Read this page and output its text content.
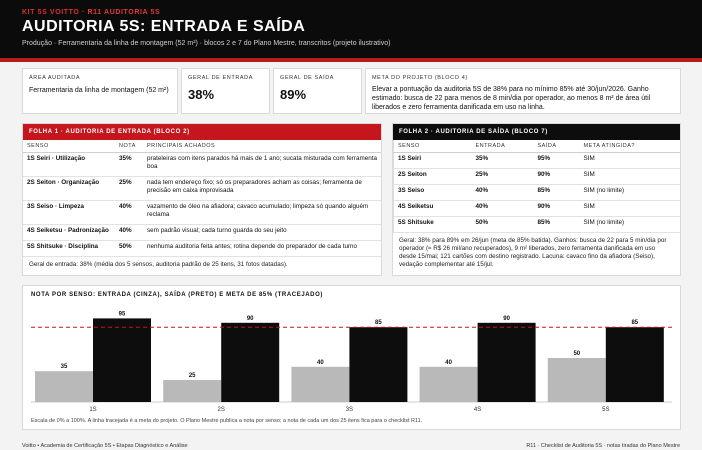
KIT 5S VOITTO · R11 AUDITORIA 5S
AUDITORIA 5S: ENTRADA E SAÍDA
Produção · Ferramentaria da linha de montagem (52 m²) · blocos 2 e 7 do Plano Mestre, transcritos (projeto ilustrativo)
ÁREA AUDITADA
Ferramentaria da linha de montagem (52 m²)
GERAL DE ENTRADA
38%
GERAL DE SAÍDA
89%
META DO PROJETO (BLOCO 4)
Elevar a pontuação da auditoria 5S de 38% para no mínimo 85% até 30/jun/2026. Ganho estimado: busca de 22 para menos de 8 min/dia por operador, ao menos 8 m² de área útil liberados e zero ferramenta danificada em uso na linha.
FOLHA 1 · AUDITORIA DE ENTRADA (BLOCO 2)
SENSO	NOTA	PRINCIPAIS ACHADOS
1S Seiri · Utilização	35%	prateleiras com itens parados há mais de 1 ano; sucata misturada com ferramenta boa
2S Seiton · Organização	25%	nada tem endereço fixo; só os preparadores acham as coisas; ferramenta de precisão em caixa improvisada
3S Seiso · Limpeza	40%	vazamento de óleo na afiadora; cavaco acumulado; limpeza só quando alguém reclama
4S Seiketsu · Padronização	40%	sem padrão visual; cada turno guarda do seu jeito
5S Shitsuke · Disciplina	50%	nenhuma auditoria feita antes; rotina depende do preparador de cada turno
Geral de entrada: 38% (média dos 5 sensos, auditoria padrão de 25 itens, 31 fotos datadas).
FOLHA 2 · AUDITORIA DE SAÍDA (BLOCO 7)
SENSO	ENTRADA	SAÍDA	META ATINGIDA?
1S Seiri	35%	95%	SIM
2S Seiton	25%	90%	SIM
3S Seiso	40%	85%	SIM (no limite)
4S Seiketsu	40%	90%	SIM
5S Shitsuke	50%	85%	SIM (no limite)
Geral: 38% para 89% em 26/jun (meta de 85% batida). Ganhos: busca de 22 para 5 min/dia por operador (≈ R$ 26 mil/ano recuperados), 9 m² liberados, zero ferramenta danificada em uso desde 15/mai; 121 cartões com destino registrado. Lacuna: cavaco fino da afiadora (Seiso), vedação complementar até 15/jul.
NOTA POR SENSO: ENTRADA (CINZA), SAÍDA (PRETO) E META DE 85% (TRACEJADO)
35
95
1S
25
90
2S
40
85
3S
40
90
4S
50
85
5S
Escala de 0% a 100%. A linha tracejada é a meta do projeto. O Plano Mestre publica a nota por senso; a nota de cada um dos 25 itens fica para o checklist R11.
Voitto • Academia de Certificação 5S • Etapas Diagnóstico e Análise	R11 · Checklist de Auditoria 5S · notas tiradas do Plano Mestre
